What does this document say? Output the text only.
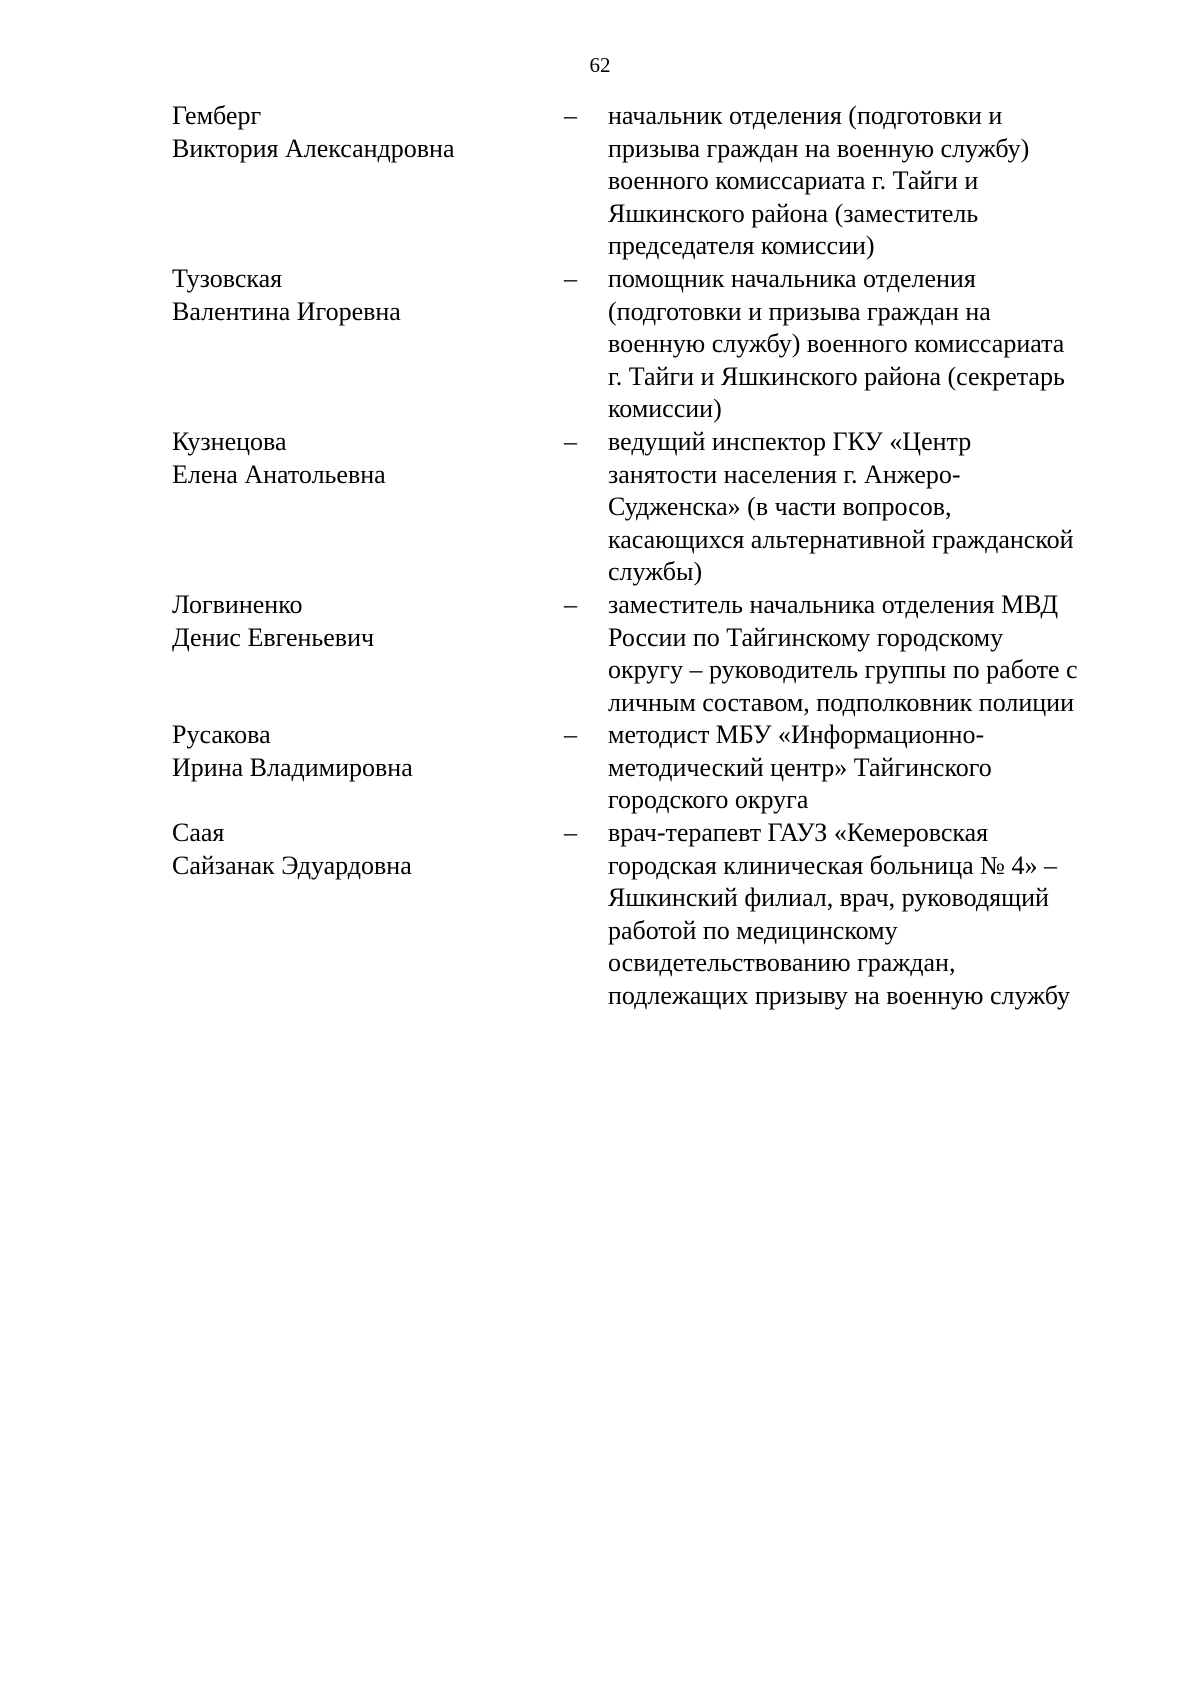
62
Гемберг
Виктория Александровна
–	начальник отделения (подготовки и
призыва граждан на военную службу)
военного комиссариата г. Тайги и
Яшкинского района (заместитель
председателя комиссии)
Тузовская
Валентина Игоревна
–	помощник начальника отделения
(подготовки и призыва граждан на
военную службу) военного комиссариата
г. Тайги и Яшкинского района (секретарь
комиссии)
Кузнецова
Елена Анатольевна
–	ведущий инспектор ГКУ «Центр
занятости населения г. Анжеро-
Судженска» (в части вопросов,
касающихся альтернативной гражданской
службы)
Логвиненко
Денис Евгеньевич
–	заместитель начальника отделения МВД
России по Тайгинскому городскому
округу – руководитель группы по работе с
личным составом, подполковник полиции
Русакова
Ирина Владимировна
–	методист МБУ «Информационно-
методический центр» Тайгинского
городского округа
Саая
Сайзанак Эдуардовна
–	врач-терапевт ГАУЗ «Кемеровская
городская клиническая больница № 4» –
Яшкинский филиал, врач, руководящий
работой по медицинскому
освидетельствованию граждан,
подлежащих призыву на военную службу
